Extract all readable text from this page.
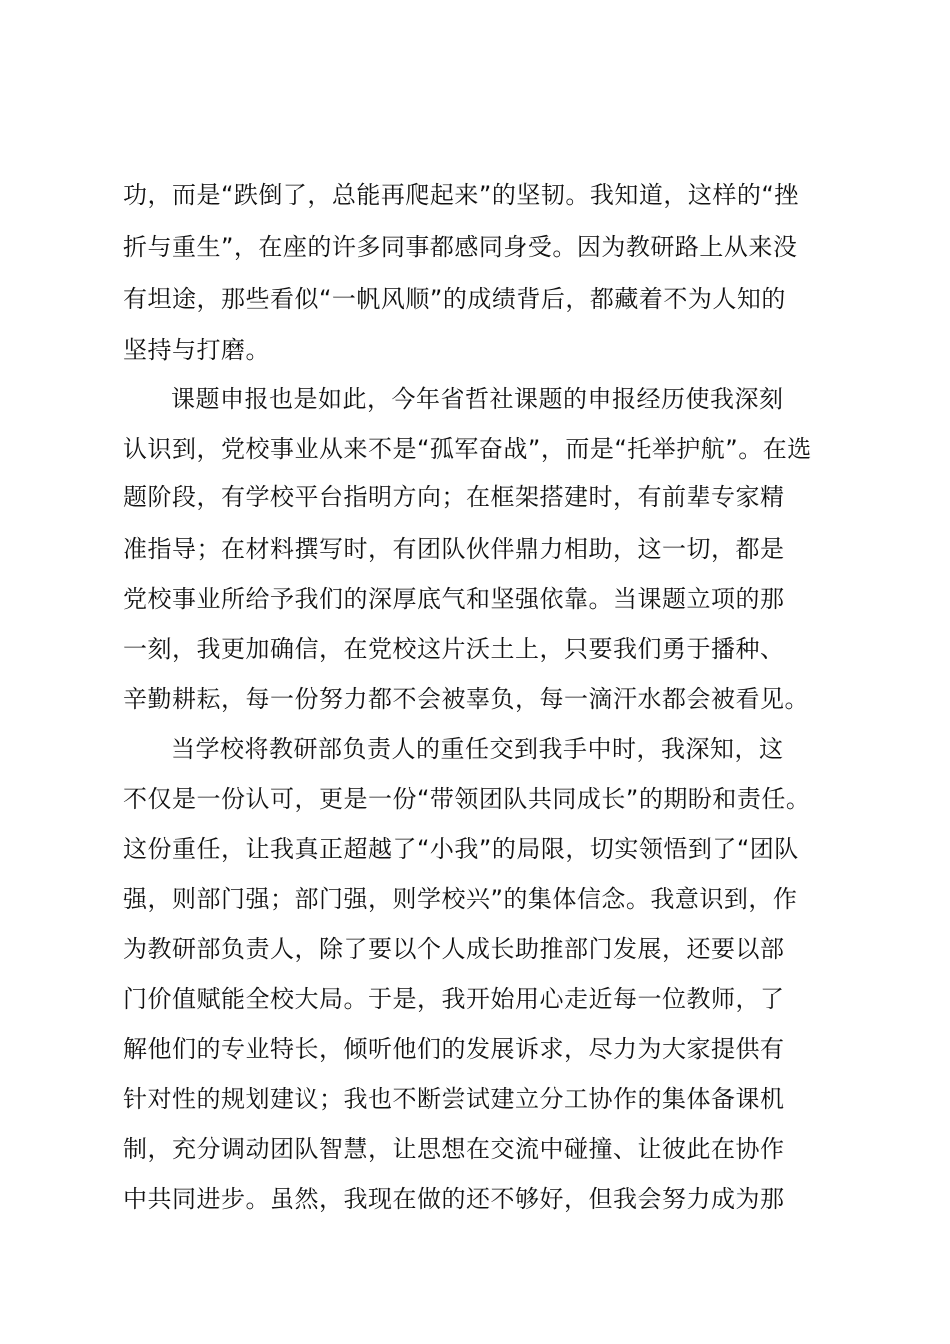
功，而是“跌倒了，总能再爬起来”的坚韧。我知道，这样的“挫
折与重生”，在座的许多同事都感同身受。因为教研路上从来没
有坦途，那些看似“一帆风顺”的成绩背后，都藏着不为人知的
坚持与打磨。
课题申报也是如此，今年省哲社课题的申报经历使我深刻
认识到，党校事业从来不是“孤军奋战”，而是“托举护航”。在选
题阶段，有学校平台指明方向；在框架搭建时，有前辈专家精
准指导；在材料撰写时，有团队伙伴鼎力相助，这一切，都是
党校事业所给予我们的深厚底气和坚强依靠。当课题立项的那
一刻，我更加确信，在党校这片沃土上，只要我们勇于播种、
辛勤耕耘，每一份努力都不会被辜负，每一滴汗水都会被看见。
当学校将教研部负责人的重任交到我手中时，我深知，这
不仅是一份认可，更是一份“带领团队共同成长”的期盼和责任。
这份重任，让我真正超越了“小我”的局限，切实领悟到了“团队
强，则部门强；部门强，则学校兴”的集体信念。我意识到，作
为教研部负责人，除了要以个人成长助推部门发展，还要以部
门价值赋能全校大局。于是，我开始用心走近每一位教师，了
解他们的专业特长，倾听他们的发展诉求，尽力为大家提供有
针对性的规划建议；我也不断尝试建立分工协作的集体备课机
制，充分调动团队智慧，让思想在交流中碰撞、让彼此在协作
中共同进步。虽然，我现在做的还不够好，但我会努力成为那
